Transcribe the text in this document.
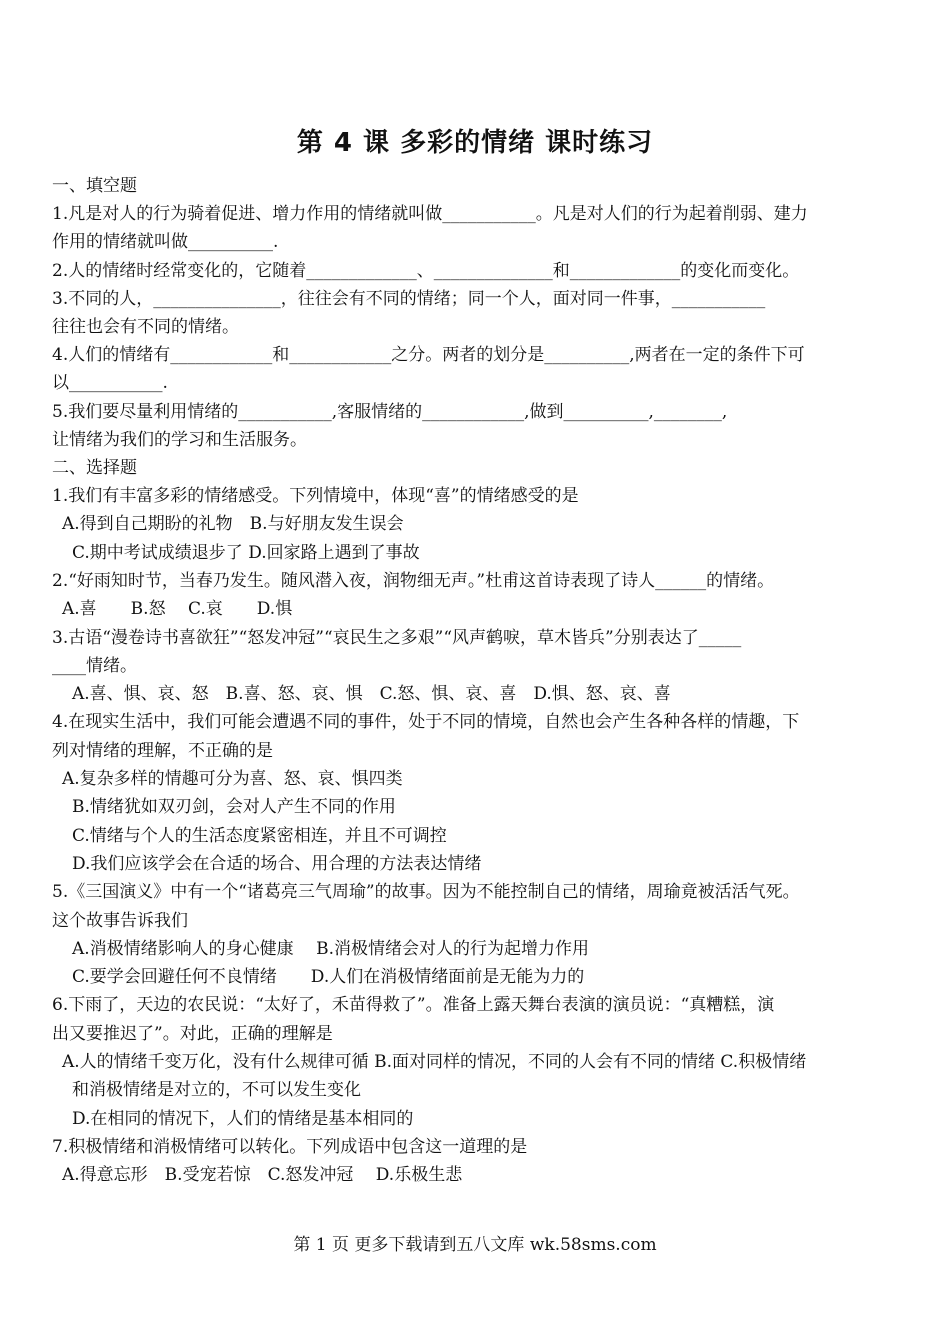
第 4 课 多彩的情绪 课时练习
一、填空题
1.凡是对人的行为骑着促进、增力作用的情绪就叫做___________。凡是对人们的行为起着削弱、建力
作用的情绪就叫做__________.
2.人的情绪时经常变化的，它随着_____________、______________和_____________的变化而变化。
3.不同的人，_______________，往往会有不同的情绪；同一个人，面对同一件事，___________
往往也会有不同的情绪。
4.人们的情绪有____________和____________之分。两者的划分是__________,两者在一定的条件下可
以___________.
5.我们要尽量利用情绪的___________,客服情绪的____________,做到__________,________,
让情绪为我们的学习和生活服务。
二、选择题
1.我们有丰富多彩的情绪感受。下列情境中，体现“喜”的情绪感受的是
A.得到自己期盼的礼物　B.与好朋友发生误会
C.期中考试成绩退步了 D.回家路上遇到了事故
2.“好雨知时节，当春乃发生。随风潜入夜，润物细无声。”杜甫这首诗表现了诗人______的情绪。
A.喜　　B.怒　 C.哀　　D.惧
3.古语“漫卷诗书喜欲狂”“怒发冲冠”“哀民生之多艰”“风声鹤唳，草木皆兵”分别表达了_____
____情绪。
A.喜、惧、哀、怒　B.喜、怒、哀、惧　C.怒、惧、哀、喜　D.惧、怒、哀、喜
4.在现实生活中，我们可能会遭遇不同的事件，处于不同的情境，自然也会产生各种各样的情趣，下
列对情绪的理解，不正确的是
A.复杂多样的情趣可分为喜、怒、哀、惧四类
B.情绪犹如双刃剑，会对人产生不同的作用
C.情绪与个人的生活态度紧密相连，并且不可调控
D.我们应该学会在合适的场合、用合理的方法表达情绪
5.《三国演义》中有一个“诸葛亮三气周瑜”的故事。因为不能控制自己的情绪，周瑜竟被活活气死。
这个故事告诉我们
A.消极情绪影响人的身心健康　 B.消极情绪会对人的行为起增力作用
C.要学会回避任何不良情绪　　D.人们在消极情绪面前是无能为力的
6.下雨了，天边的农民说：“太好了，禾苗得救了”。准备上露天舞台表演的演员说：“真糟糕，演
出又要推迟了”。对此，正确的理解是
A.人的情绪千变万化，没有什么规律可循 B.面对同样的情况，不同的人会有不同的情绪 C.积极情绪
和消极情绪是对立的，不可以发生变化
D.在相同的情况下，人们的情绪是基本相同的
7.积极情绪和消极情绪可以转化。下列成语中包含这一道理的是
A.得意忘形　B.受宠若惊　C.怒发冲冠　 D.乐极生悲
第 1 页 更多下载请到五八文库 wk.58sms.com
